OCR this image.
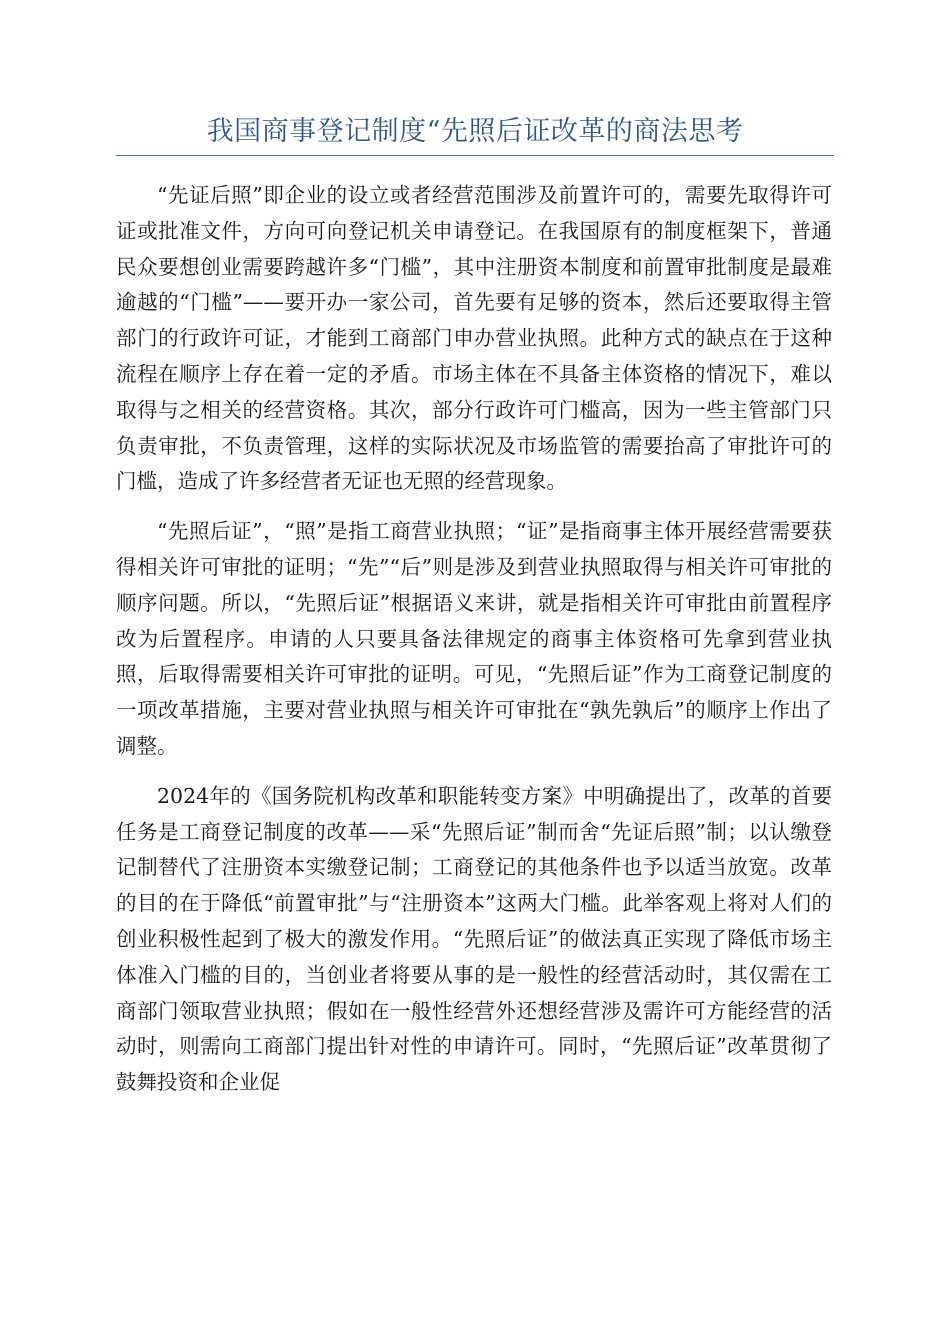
我国商事登记制度“先照后证改革的商法思考

“先证后照”即企业的设立或者经营范围涉及前置许可的，需要先取得许可证或批准文件，方向可向登记机关申请登记。在我国原有的制度框架下，普通民众要想创业需要跨越许多“门槛”，其中注册资本制度和前置审批制度是最难逾越的“门槛”——要开办一家公司，首先要有足够的资本，然后还要取得主管部门的行政许可证，才能到工商部门申办营业执照。此种方式的缺点在于这种流程在顺序上存在着一定的矛盾。市场主体在不具备主体资格的情况下，难以取得与之相关的经营资格。其次，部分行政许可门槛高，因为一些主管部门只负责审批，不负责管理，这样的实际状况及市场监管的需要抬高了审批许可的门槛，造成了许多经营者无证也无照的经营现象。

“先照后证”，“照”是指工商营业执照；“证”是指商事主体开展经营需要获得相关许可审批的证明；“先”“后”则是涉及到营业执照取得与相关许可审批的顺序问题。所以，“先照后证”根据语义来讲，就是指相关许可审批由前置程序改为后置程序。申请的人只要具备法律规定的商事主体资格可先拿到营业执照，后取得需要相关许可审批的证明。可见，“先照后证”作为工商登记制度的一项改革措施，主要对营业执照与相关许可审批在“孰先孰后”的顺序上作出了调整。

2024年的《国务院机构改革和职能转变方案》中明确提出了，改革的首要任务是工商登记制度的改革——采“先照后证”制而舍“先证后照”制；以认缴登记制替代了注册资本实缴登记制；工商登记的其他条件也予以适当放宽。改革的目的在于降低“前置审批”与“注册资本”这两大门槛。此举客观上将对人们的创业积极性起到了极大的激发作用。“先照后证”的做法真正实现了降低市场主体准入门槛的目的，当创业者将要从事的是一般性的经营活动时，其仅需在工商部门领取营业执照；假如在一般性经营外还想经营涉及需许可方能经营的活动时，则需向工商部门提出针对性的申请许可。同时，“先照后证”改革贯彻了鼓舞投资和企业促
